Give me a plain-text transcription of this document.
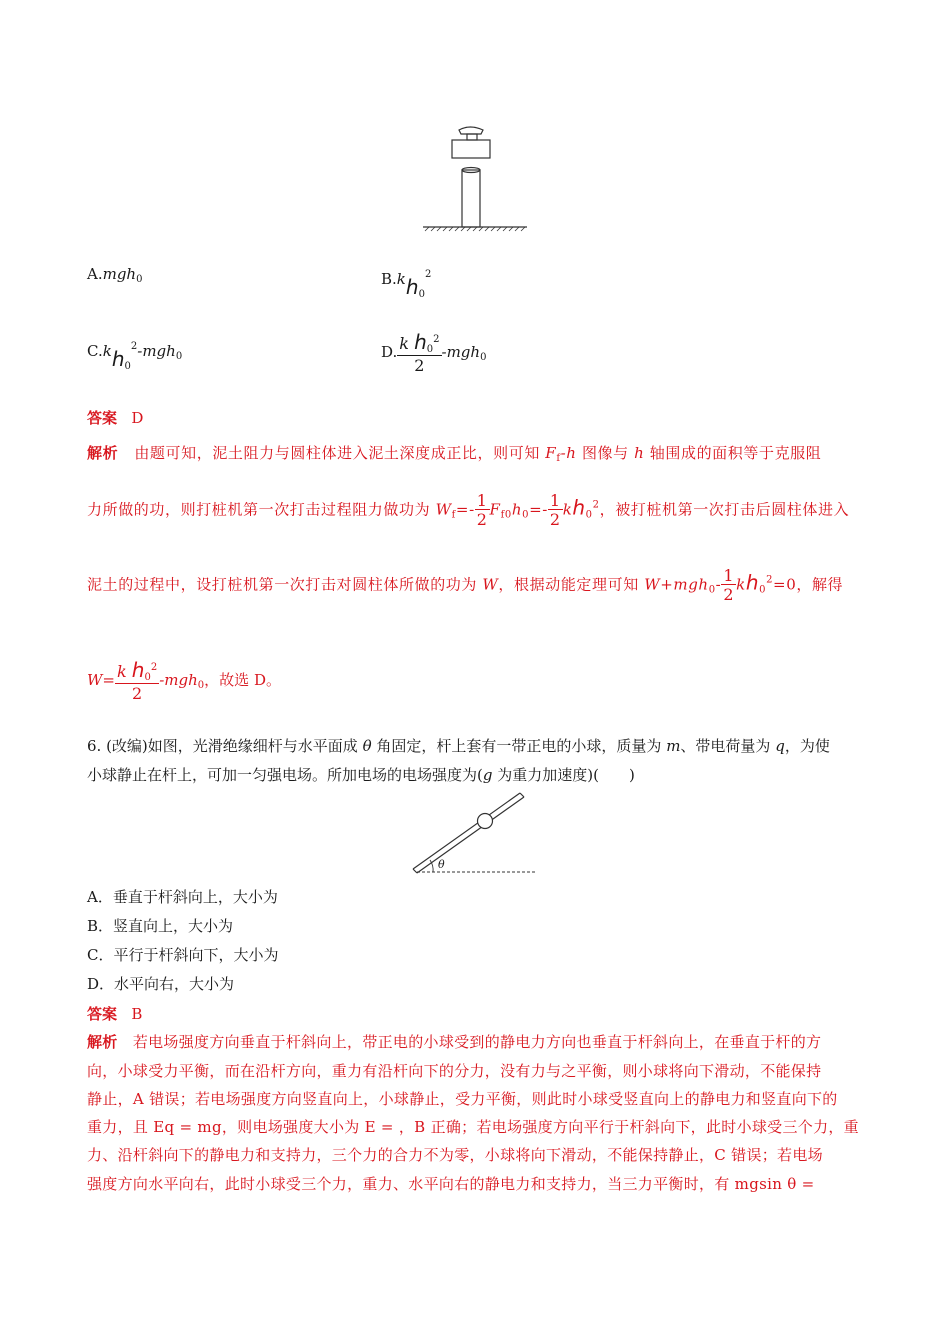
A.mgh$_0$	$B.kh_0^2$
$C.kh_0^2-mgh_0$	D. $\frac{k h_0^2}{2} -mgh_0$
答案 D
解析 由题可知，泥土阻力与圆柱体进入泥土深度成正比，则可知 $F_f-h$ 图像与 h 轴围成的面积等于克服阻
力所做的功，则打桩机第一次打击过程阻力做功为 $W_f=- \frac{1}{2} F_{f0}h_0=- \frac{1}{2} kh_0^2$，被打桩机第一次打击后圆柱体进入
泥土的过程中，设打桩机第一次打击对圆柱体所做的功为 W，根据动能定理可知 $W+mgh_0- \frac{1}{2} kh_0^2=0$，解得
$W= \frac{k h_0^2}{2} -mgh_0$，故选 D。
6. (改编)如图，光滑绝缘细杆与水平面成 θ 角固定，杆上套有一带正电的小球，质量为 m、带电荷量为 q，为使
小球静止在杆上，可加一匀强电场。所加电场的电场强度为(g 为重力加速度)(　　)
θ
A．垂直于杆斜向上，大小为
B．竖直向上，大小为
C．平行于杆斜向下，大小为
D．水平向右，大小为
答案 B
解析 若电场强度方向垂直于杆斜向上，带正电的小球受到的静电力方向也垂直于杆斜向上，在垂直于杆的方
向，小球受力平衡，而在沿杆方向，重力有沿杆向下的分力，没有力与之平衡，则小球将向下滑动，不能保持
静止，A 错误；若电场强度方向竖直向上，小球静止，受力平衡，则此时小球受竖直向上的静电力和竖直向下的
重力，且 Eq = mg，则电场强度大小为 E = ，B 正确；若电场强度方向平行于杆斜向下，此时小球受三个力，重
力、沿杆斜向下的静电力和支持力，三个力的合力不为零，小球将向下滑动，不能保持静止，C 错误；若电场
强度方向水平向右，此时小球受三个力，重力、水平向右的静电力和支持力，当三力平衡时，有 mgsin θ =
